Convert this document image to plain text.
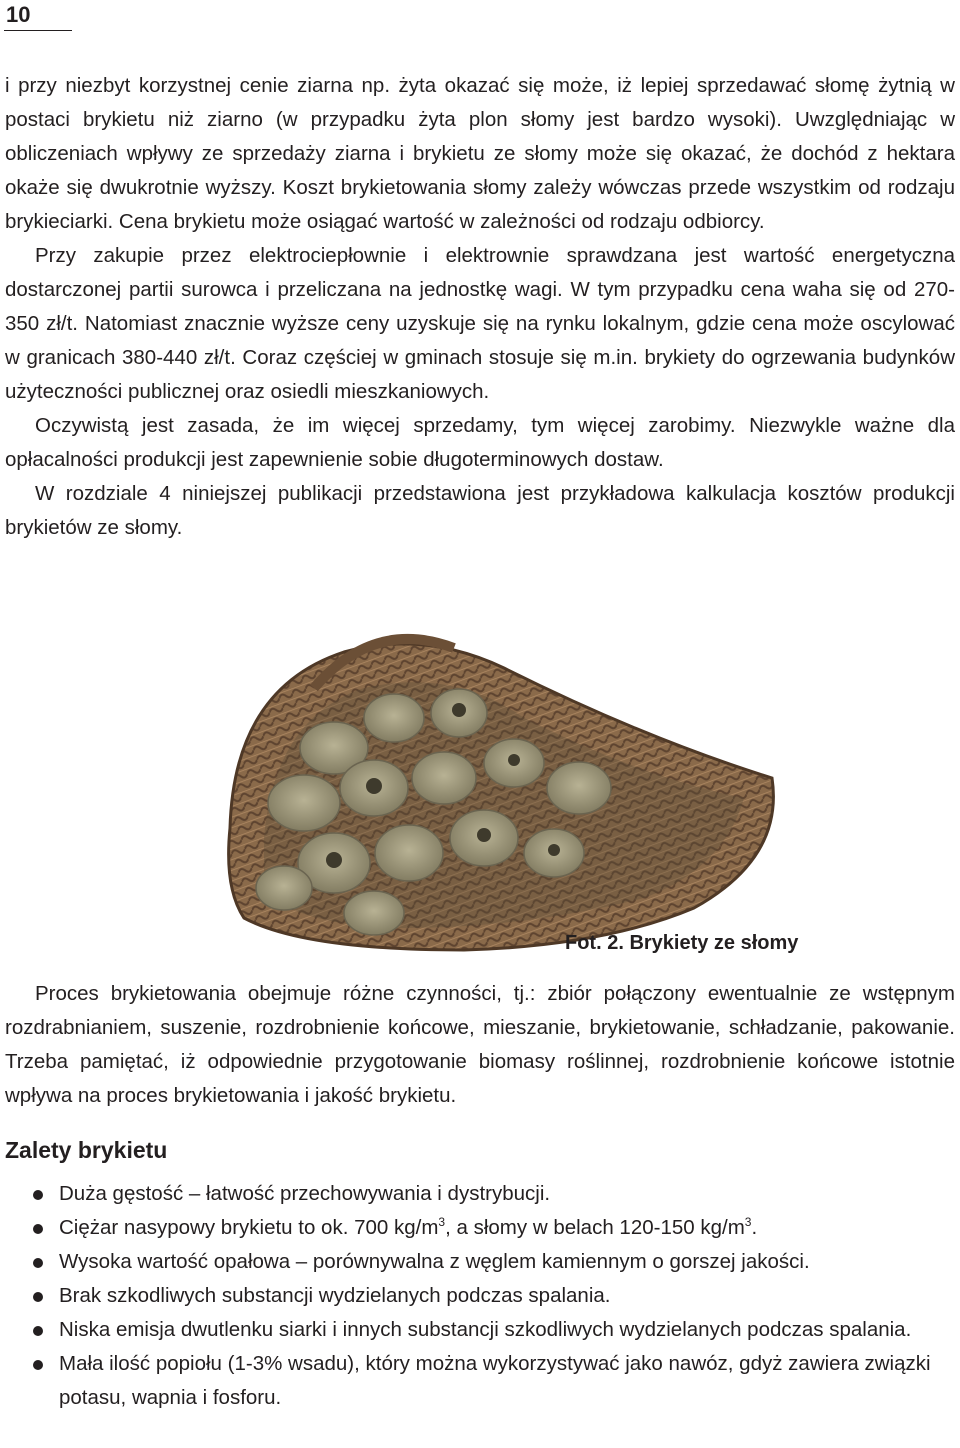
10

i przy niezbyt korzystnej cenie ziarna np. żyta okazać się może, iż lepiej sprzedawać słomę żytnią w postaci brykietu niż ziarno (w przypadku żyta plon słomy jest bardzo wysoki). Uwzględniając w obliczeniach wpływy ze sprzedaży ziarna i brykietu ze słomy może się okazać, że dochód z hektara okaże się dwukrotnie wyższy. Koszt brykietowania słomy zależy wówczas przede wszystkim od rodzaju brykieciarki. Cena brykietu może osiągać wartość w zależności od rodzaju odbiorcy.

Przy zakupie przez elektrociepłownie i elektrownie sprawdzana jest wartość energetyczna dostarczonej partii surowca i przeliczana na jednostkę wagi. W tym przypadku cena waha się od 270-350 zł/t. Natomiast znacznie wyższe ceny uzyskuje się na rynku lokalnym, gdzie cena może oscylować w granicach 380-440 zł/t. Coraz częściej w gminach stosuje się m.in. brykiety do ogrzewania budynków użyteczności publicznej oraz osiedli mieszkaniowych.

Oczywistą jest zasada, że im więcej sprzedamy, tym więcej zarobimy. Niezwykle ważne dla opłacalności produkcji jest zapewnienie sobie długoterminowych dostaw.

W rozdziale 4 niniejszej publikacji przedstawiona jest przykładowa kalkulacja kosztów produkcji brykietów ze słomy.

Fot. 2. Brykiety ze słomy

Proces brykietowania obejmuje różne czynności, tj.: zbiór połączony ewentualnie ze wstępnym rozdrabnianiem, suszenie, rozdrobnienie końcowe, mieszanie, brykietowanie, schładzanie, pakowanie. Trzeba pamiętać, iż odpowiednie przygotowanie biomasy roślinnej, rozdrobnienie końcowe istotnie wpływa na proces brykietowania i jakość brykietu.

Zalety brykietu
Duża gęstość – łatwość przechowywania i dystrybucji.
Ciężar nasypowy brykietu to ok. 700 $kg/m^3$, a słomy w belach 120-150 $kg/m^3$.
Wysoka wartość opałowa – porównywalna z węglem kamiennym o gorszej jakości.
Brak szkodliwych substancji wydzielanych podczas spalania.
Niska emisja dwutlenku siarki i innych substancji szkodliwych wydzielanych podczas spalania.
Mała ilość popiołu (1-3% wsadu), który można wykorzystywać jako nawóz, gdyż zawiera związki potasu, wapnia i fosforu.
